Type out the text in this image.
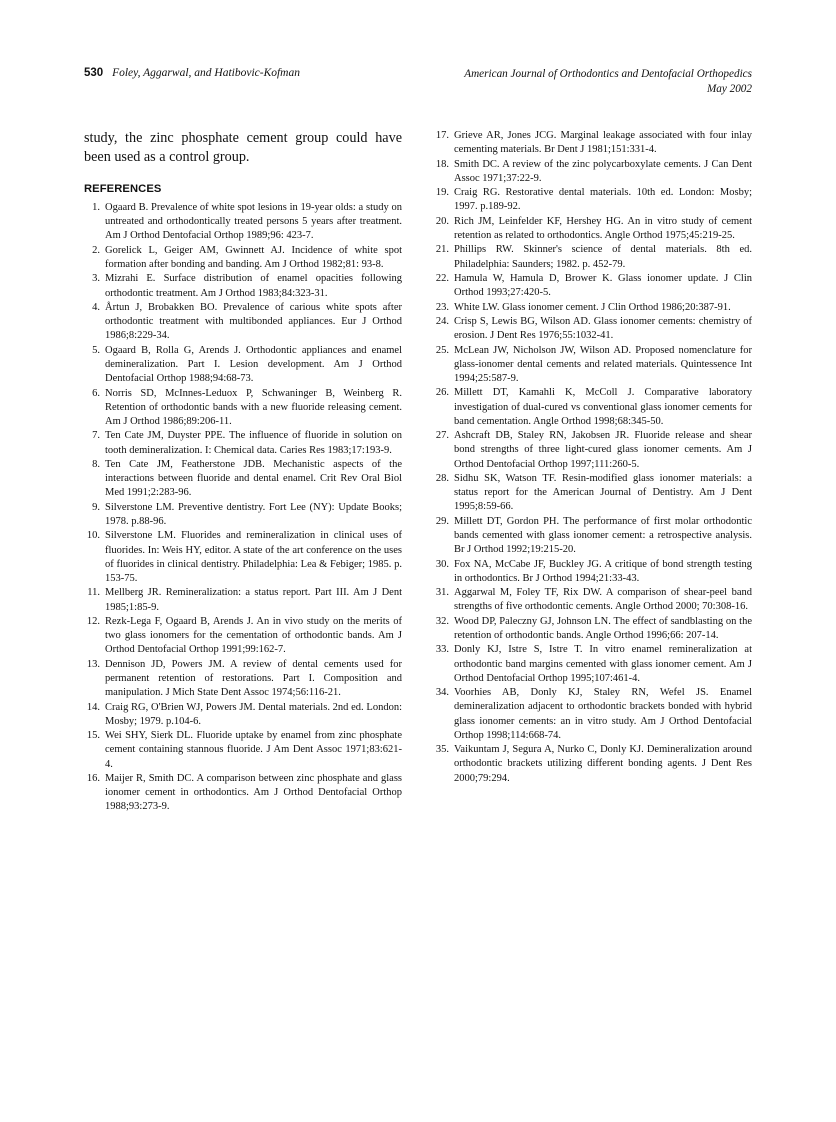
530 Foley, Aggarwal, and Hatibovic-Kofman	American Journal of Orthodontics and Dentofacial Orthopedics
May 2002

study, the zinc phosphate cement group could have been used as a control group.

REFERENCES
1. Ogaard B. Prevalence of white spot lesions in 19-year olds: a study on untreated and orthodontically treated persons 5 years after treatment. Am J Orthod Dentofacial Orthop 1989;96: 423-7.
2. Gorelick L, Geiger AM, Gwinnett AJ. Incidence of white spot formation after bonding and banding. Am J Orthod 1982;81: 93-8.
3. Mizrahi E. Surface distribution of enamel opacities following orthodontic treatment. Am J Orthod 1983;84:323-31.
4. Årtun J, Brobakken BO. Prevalence of carious white spots after orthodontic treatment with multibonded appliances. Eur J Orthod 1986;8:229-34.
5. Ogaard B, Rolla G, Arends J. Orthodontic appliances and enamel demineralization. Part I. Lesion development. Am J Orthod Dentofacial Orthop 1988;94:68-73.
6. Norris SD, McInnes-Leduox P, Schwaninger B, Weinberg R. Retention of orthodontic bands with a new fluoride releasing cement. Am J Orthod 1986;89:206-11.
7. Ten Cate JM, Duyster PPE. The influence of fluoride in solution on tooth demineralization. I: Chemical data. Caries Res 1983;17:193-9.
8. Ten Cate JM, Featherstone JDB. Mechanistic aspects of the interactions between fluoride and dental enamel. Crit Rev Oral Biol Med 1991;2:283-96.
9. Silverstone LM. Preventive dentistry. Fort Lee (NY): Update Books; 1978. p.88-96.
10. Silverstone LM. Fluorides and remineralization in clinical uses of fluorides. In: Weis HY, editor. A state of the art conference on the uses of fluorides in clinical dentistry. Philadelphia: Lea & Febiger; 1985. p. 153-75.
11. Mellberg JR. Remineralization: a status report. Part III. Am J Dent 1985;1:85-9.
12. Rezk-Lega F, Ogaard B, Arends J. An in vivo study on the merits of two glass ionomers for the cementation of orthodontic bands. Am J Orthod Dentofacial Orthop 1991;99:162-7.
13. Dennison JD, Powers JM. A review of dental cements used for permanent retention of restorations. Part I. Composition and manipulation. J Mich State Dent Assoc 1974;56:116-21.
14. Craig RG, O'Brien WJ, Powers JM. Dental materials. 2nd ed. London: Mosby; 1979. p.104-6.
15. Wei SHY, Sierk DL. Fluoride uptake by enamel from zinc phosphate cement containing stannous fluoride. J Am Dent Assoc 1971;83:621-4.
16. Maijer R, Smith DC. A comparison between zinc phosphate and glass ionomer cement in orthodontics. Am J Orthod Dentofacial Orthop 1988;93:273-9.
17. Grieve AR, Jones JCG. Marginal leakage associated with four inlay cementing materials. Br Dent J 1981;151:331-4.
18. Smith DC. A review of the zinc polycarboxylate cements. J Can Dent Assoc 1971;37:22-9.
19. Craig RG. Restorative dental materials. 10th ed. London: Mosby; 1997. p.189-92.
20. Rich JM, Leinfelder KF, Hershey HG. An in vitro study of cement retention as related to orthodontics. Angle Orthod 1975;45:219-25.
21. Phillips RW. Skinner's science of dental materials. 8th ed. Philadelphia: Saunders; 1982. p. 452-79.
22. Hamula W, Hamula D, Brower K. Glass ionomer update. J Clin Orthod 1993;27:420-5.
23. White LW. Glass ionomer cement. J Clin Orthod 1986;20:387-91.
24. Crisp S, Lewis BG, Wilson AD. Glass ionomer cements: chemistry of erosion. J Dent Res 1976;55:1032-41.
25. McLean JW, Nicholson JW, Wilson AD. Proposed nomenclature for glass-ionomer dental cements and related materials. Quintessence Int 1994;25:587-9.
26. Millett DT, Kamahli K, McColl J. Comparative laboratory investigation of dual-cured vs conventional glass ionomer cements for band cementation. Angle Orthod 1998;68:345-50.
27. Ashcraft DB, Staley RN, Jakobsen JR. Fluoride release and shear bond strengths of three light-cured glass ionomer cements. Am J Orthod Dentofacial Orthop 1997;111:260-5.
28. Sidhu SK, Watson TF. Resin-modified glass ionomer materials: a status report for the American Journal of Dentistry. Am J Dent 1995;8:59-66.
29. Millett DT, Gordon PH. The performance of first molar orthodontic bands cemented with glass ionomer cement: a retrospective analysis. Br J Orthod 1992;19:215-20.
30. Fox NA, McCabe JF, Buckley JG. A critique of bond strength testing in orthodontics. Br J Orthod 1994;21:33-43.
31. Aggarwal M, Foley TF, Rix DW. A comparison of shear-peel band strengths of five orthodontic cements. Angle Orthod 2000; 70:308-16.
32. Wood DP, Paleczny GJ, Johnson LN. The effect of sandblasting on the retention of orthodontic bands. Angle Orthod 1996;66: 207-14.
33. Donly KJ, Istre S, Istre T. In vitro enamel remineralization at orthodontic band margins cemented with glass ionomer cement. Am J Orthod Dentofacial Orthop 1995;107:461-4.
34. Voorhies AB, Donly KJ, Staley RN, Wefel JS. Enamel demineralization adjacent to orthodontic brackets bonded with hybrid glass ionomer cements: an in vitro study. Am J Orthod Dentofacial Orthop 1998;114:668-74.
35. Vaikuntam J, Segura A, Nurko C, Donly KJ. Demineralization around orthodontic brackets utilizing different bonding agents. J Dent Res 2000;79:294.
